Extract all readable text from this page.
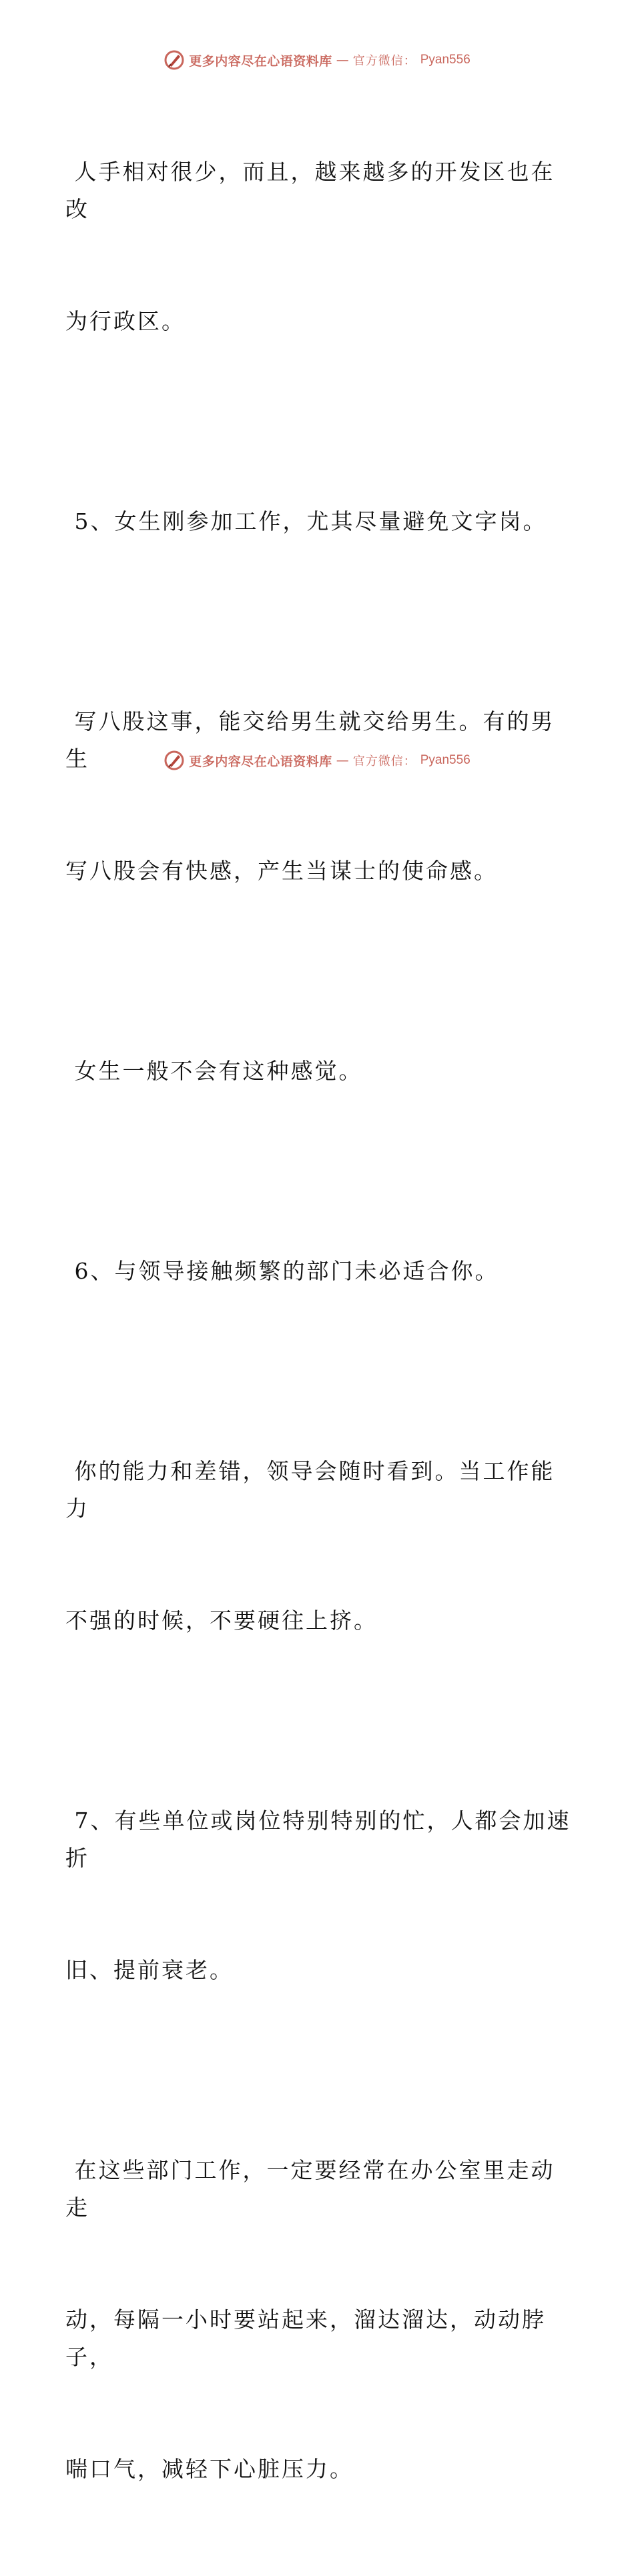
更多内容尽在心语资料库 — 官方微信： Pyan556

人手相对很少，而且，越来越多的开发区也在改

为行政区。

5、女生刚参加工作，尤其尽量避免文字岗。

写八股这事，能交给男生就交给男生。有的男生

写八股会有快感，产生当谋士的使命感。

女生一般不会有这种感觉。

6、与领导接触频繁的部门未必适合你。

你的能力和差错，领导会随时看到。当工作能力

不强的时候，不要硬往上挤。

7、有些单位或岗位特别特别的忙，人都会加速折

旧、提前衰老。

在这些部门工作，一定要经常在办公室里走动走

动，每隔一小时要站起来，溜达溜达，动动脖子，

喘口气，减轻下心脏压力。

更多内容尽在心语资料库 — 官方微信： Pyan556
